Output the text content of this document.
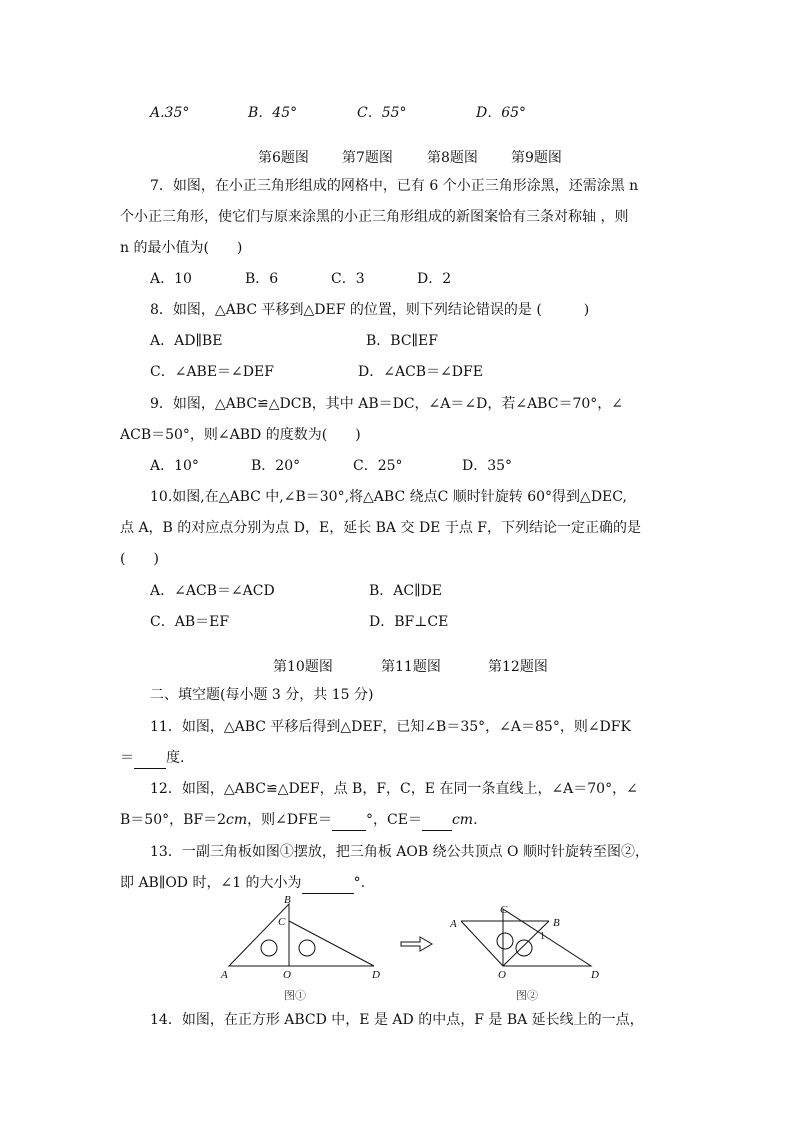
A.35°	B．45°	C．55°	D．65°
第6题图 第7题图 第8题图 第9题图
7．如图，在小正三角形组成的网格中，已有 6 个小正三角形涂黑，还需涂黑 n
个小正三角形，使它们与原来涂黑的小正三角形组成的新图案恰有三条对称轴 ，则
n 的最小值为(　　)
A．10	B．6	C．3	D．2
8．如图，△ABC 平移到△DEF 的位置，则下列结论错误的是 (　　　)
A．AD∥BE	B．BC∥EF
C．∠ABE＝∠DEF	D．∠ACB＝∠DFE
9．如图，△ABC≌△DCB，其中 AB＝DC，∠A＝∠D，若∠ABC＝70°，∠
ACB＝50°，则∠ABD 的度数为(　　)
A．10°	B．20°	C．25°	D．35°
10.如图,在△ABC 中,∠B＝30°,将△ABC 绕点C 顺时针旋转 60°得到△DEC,
点 A，B 的对应点分别为点 D，E，延长 BA 交 DE 于点 F，下列结论一定正确的是
(　　)
A．∠ACB＝∠ACD	B．AC∥DE
C．AB＝EF	D．BF⊥CE
第10题图	第11题图	第12题图
二、填空题(每小题 3 分，共 15 分)
11．如图，△ABC 平移后得到△DEF，已知∠B＝35°，∠A＝85°，则∠DFK
＝ 度.
12．如图，△ABC≌△DEF，点 B，F，C，E 在同一条直线上，∠A＝70°，∠
B＝50°，BF＝2cm，则∠DFE＝ °，CE＝ cm.
13．一副三角板如图①摆放，把三角板 AOB 绕公共顶点 O 顺时针旋转至图②，
即 AB∥OD 时，∠1 的大小为	°.
A
B
C
O	D
A	B
C
O	D
1
图①	图②
14．如图，在正方形 ABCD 中，E 是 AD 的中点，F 是 BA 延长线上的一点，
